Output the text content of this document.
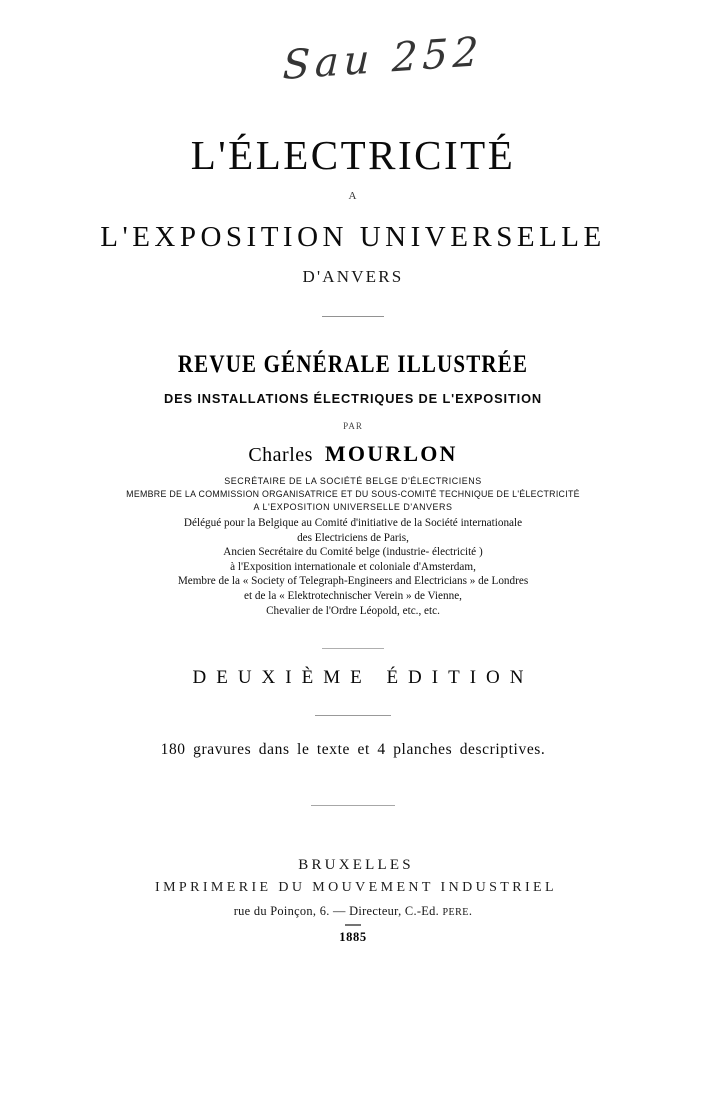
Sau 252
L'ÉLECTRICITÉ
A
L'EXPOSITION UNIVERSELLE
D'ANVERS
REVUE GÉNÉRALE ILLUSTRÉE
DES INSTALLATIONS ÉLECTRIQUES DE L'EXPOSITION
PAR
Charles MOURLON
SECRÉTAIRE DE LA SOCIÉTÉ BELGE D'ÉLECTRICIENS
MEMBRE DE LA COMMISSION ORGANISATRICE ET DU SOUS-COMITÉ TECHNIQUE DE L'ÉLECTRICITÉ
A L'EXPOSITION UNIVERSELLE D'ANVERS
Délégué pour la Belgique au Comité d'initiative de la Société internationale
des Electriciens de Paris,
Ancien Secrétaire du Comité belge (industrie- électricité )
à l'Exposition internationale et coloniale d'Amsterdam,
Membre de la « Society of Telegraph-Engineers and Electricians » de Londres
et de la « Elektrotechnischer Verein » de Vienne,
Chevalier de l'Ordre Léopold, etc., etc.
DEUXIÈME ÉDITION
180 gravures dans le texte et 4 planches descriptives.
BRUXELLES
IMPRIMERIE DU MOUVEMENT INDUSTRIEL
rue du Poinçon, 6. — Directeur, C.-Ed. PERE.
1885
